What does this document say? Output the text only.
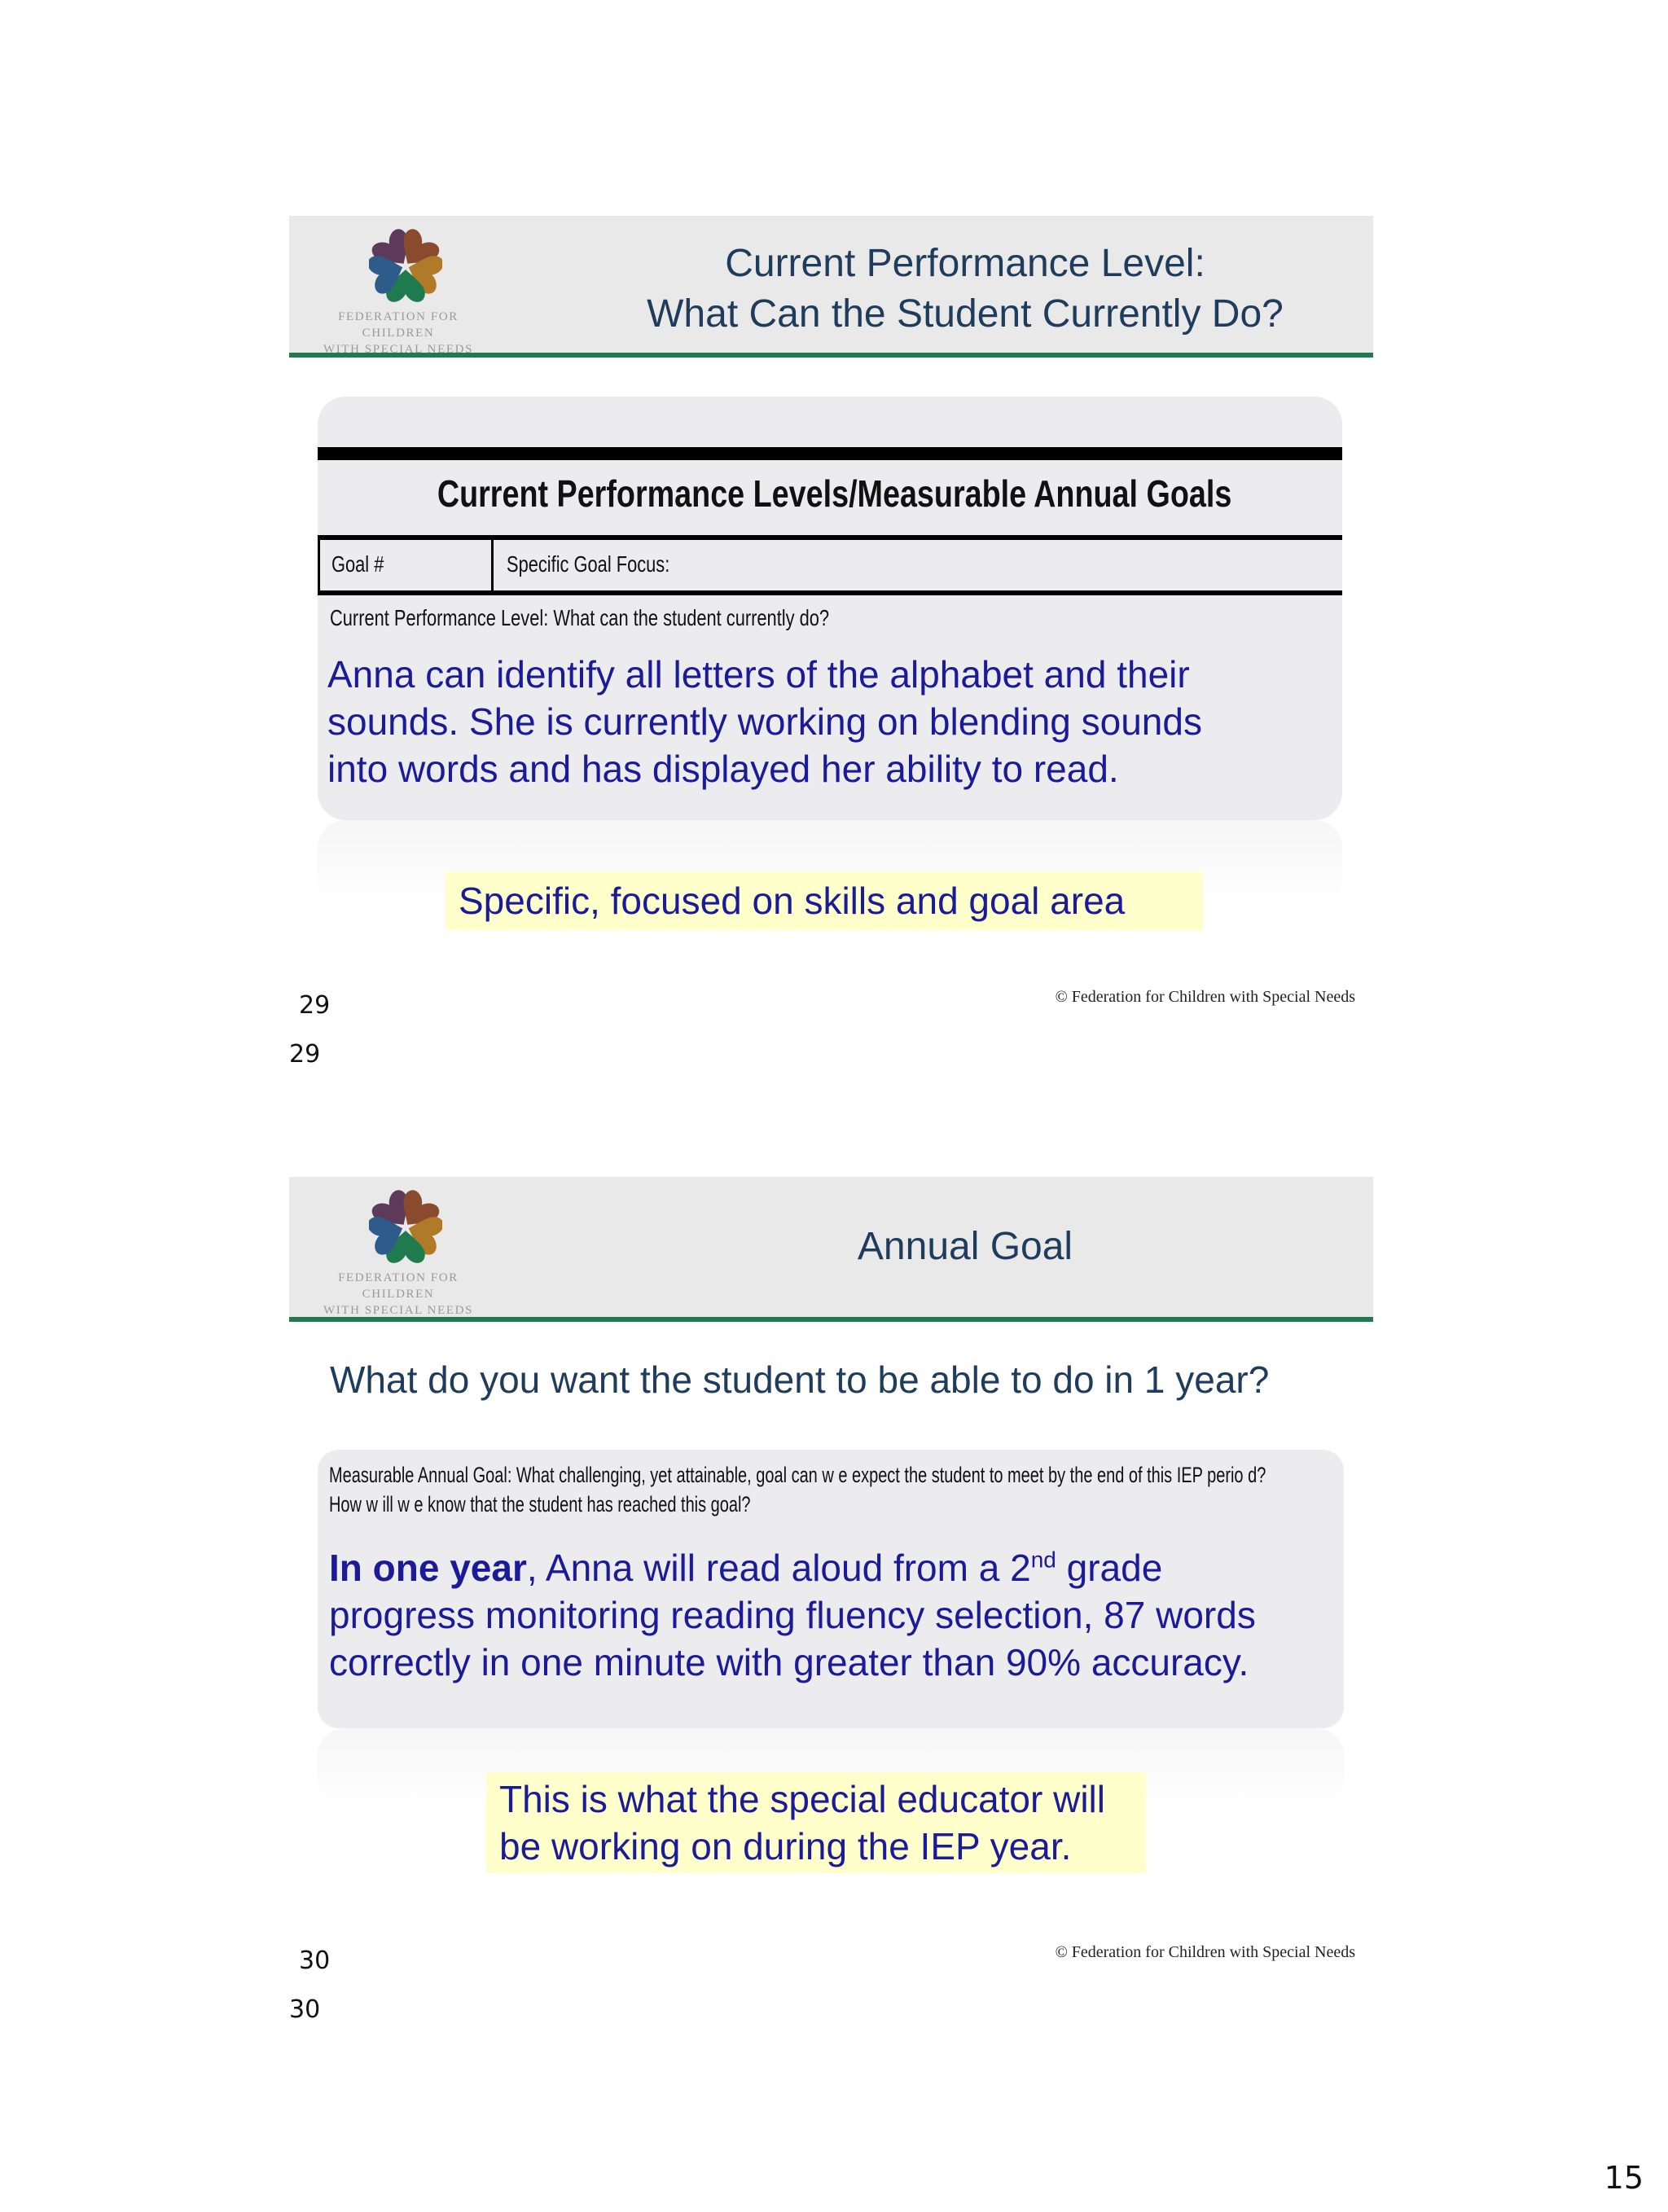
FEDERATION FOR CHILDREN
WITH SPECIAL NEEDS
Current Performance Level:
What Can the Student Currently Do?
Current Performance Levels/Measurable Annual Goals
Goal #	Specific Goal Focus:
Current Performance Level: What can the student currently do?
Anna can identify all letters of the alphabet and their
sounds. She is currently working on blending sounds
into words and has displayed her ability to read.
Specific, focused on skills and goal area
29	© Federation for Children with Special Needs
29
FEDERATION FOR CHILDREN
WITH SPECIAL NEEDS
Annual Goal
What do you want the student to be able to do in 1 year?
Measurable Annual Goal: What challenging, yet attainable, goal can w e expect the student to meet by the end of this IEP perio d?
How w ill w e know that the student has reached this goal?
In one year, Anna will read aloud from a 2nd grade
progress monitoring reading fluency selection, 87 words
correctly in one minute with greater than 90% accuracy.
This is what the special educator will
be working on during the IEP year.
30	© Federation for Children with Special Needs
30
15
